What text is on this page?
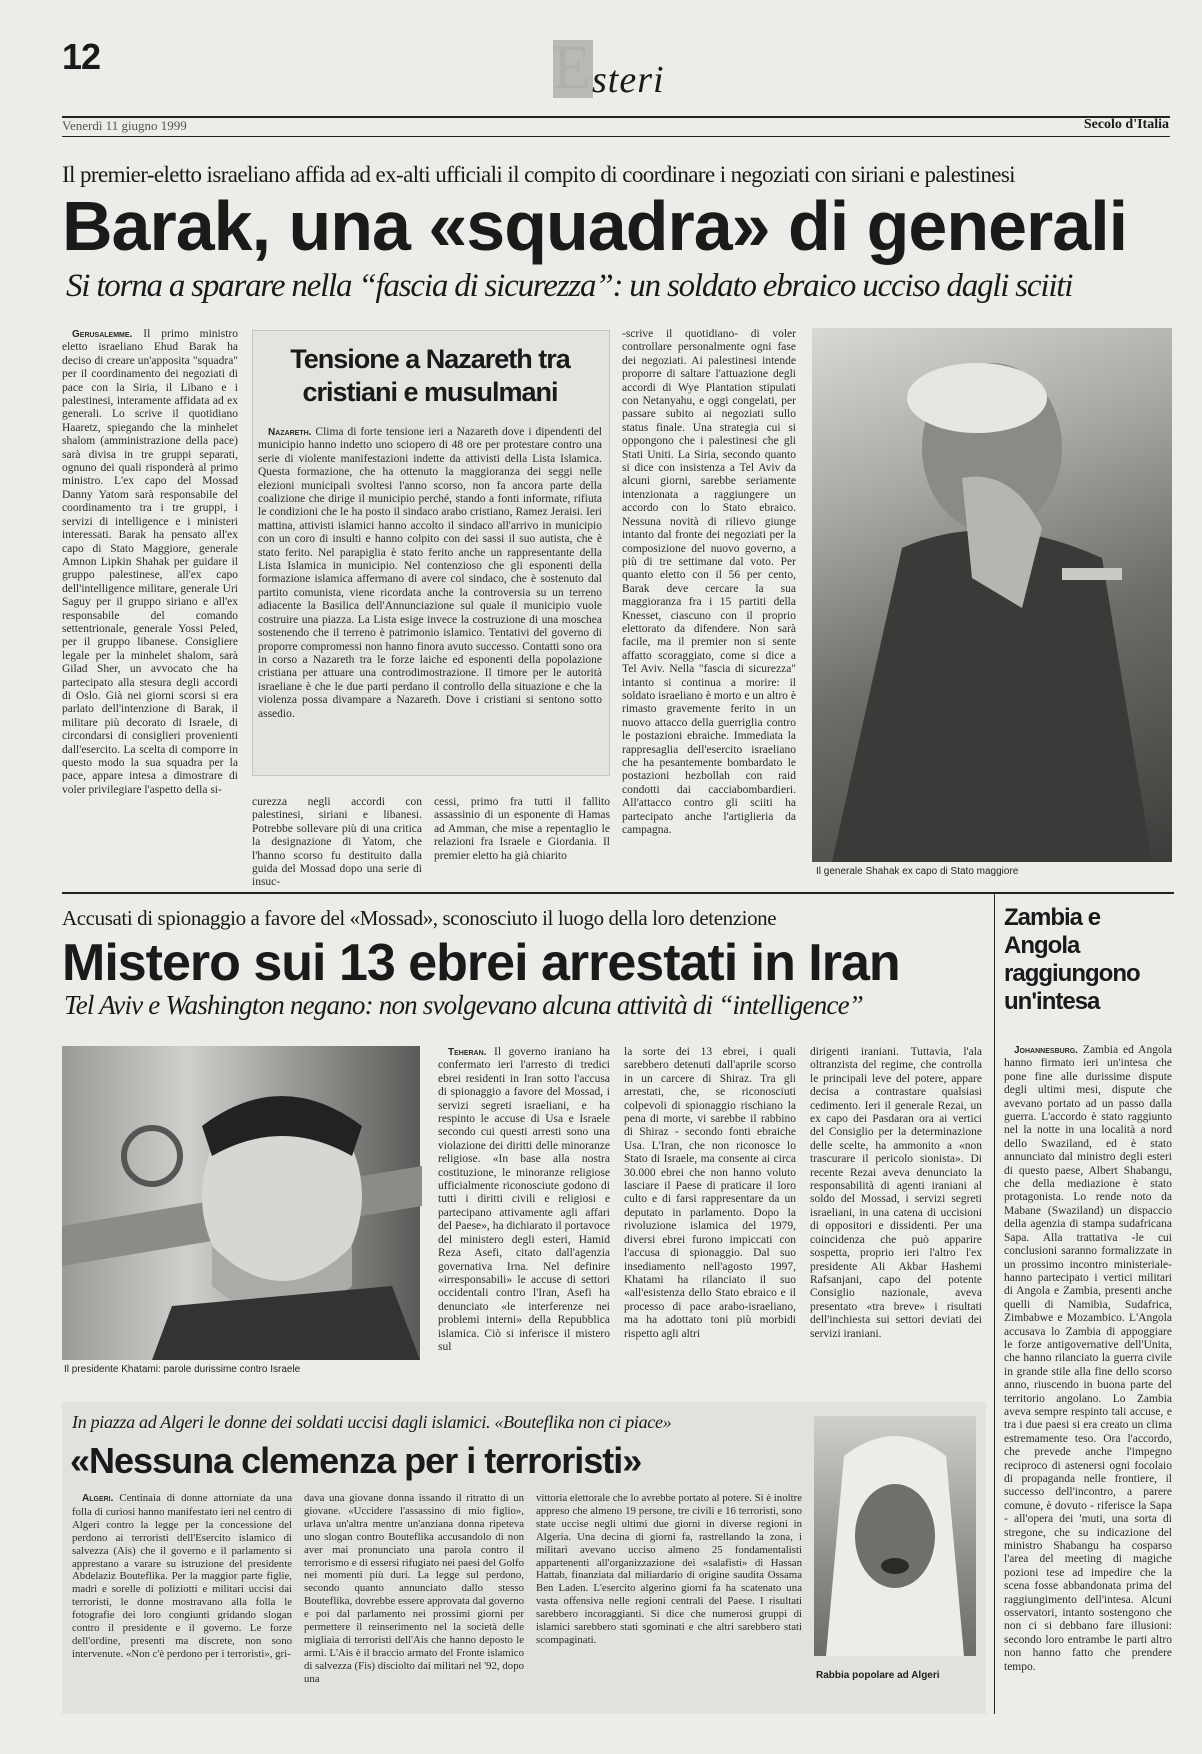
12	E steri
Venerdì 11 giugno 1999	Secolo d'Italia
Il premier-eletto israeliano affida ad ex-alti ufficiali il compito di coordinare i negoziati con siriani e palestinesi
Barak, una «squadra» di generali
Si torna a sparare nella “fascia di sicurezza”: un soldato ebraico ucciso dagli sciiti

Gerusalemme. Il primo ministro eletto israeliano Ehud Barak ha deciso di creare un'apposita "squadra" per il coordinamento dei negoziati di pace con la Siria, il Libano e i palestinesi, interamente affidata ad ex generali. Lo scrive il quotidiano Haaretz, spiegando che la minhelet shalom (amministrazione della pace) sarà divisa in tre gruppi separati, ognuno dei quali risponderà al primo ministro. L'ex capo del Mossad Danny Yatom sarà responsabile del coordinamento tra i tre gruppi, i servizi di intelligence e i ministeri interessati. Barak ha pensato all'ex capo di Stato Maggiore, generale Amnon Lipkin Shahak per guidare il gruppo palestinese, all'ex capo dell'intelligence militare, generale Uri Saguy per il gruppo siriano e all'ex responsabile del comando settentrionale, generale Yossi Peled, per il gruppo libanese. Consigliere legale per la minhelet shalom, sarà Gilad Sher, un avvocato che ha partecipato alla stesura degli accordi di Oslo. Già nei giorni scorsi si era parlato dell'intenzione di Barak, il militare più decorato di Israele, di circondarsi di consiglieri provenienti dall'esercito. La scelta di comporre in questo modo la sua squadra per la pace, appare intesa a dimostrare di voler privilegiare l'aspetto della si-

Tensione a Nazareth tra cristiani e musulmani

Nazareth. Clima di forte tensione ieri a Nazareth dove i dipendenti del municipio hanno indetto uno sciopero di 48 ore per protestare contro una serie di violente manifestazioni indette da attivisti della Lista Islamica. Questa formazione, che ha ottenuto la maggioranza dei seggi nelle elezioni municipali svoltesi l'anno scorso, non fa ancora parte della coalizione che dirige il municipio perché, stando a fonti informate, rifiuta le condizioni che le ha posto il sindaco arabo cristiano, Ramez Jeraisi. Ieri mattina, attivisti islamici hanno accolto il sindaco all'arrivo in municipio con un coro di insulti e hanno colpito con dei sassi il suo autista, che è stato ferito. Nel parapiglia è stato ferito anche un rappresentante della Lista Islamica in municipio. Nel contenzioso che gli esponenti della formazione islamica affermano di avere col sindaco, che è sostenuto dal partito comunista, viene ricordata anche la controversia su un terreno adiacente la Basilica dell'Annunciazione sul quale il municipio vuole costruire una piazza. La Lista esige invece la costruzione di una moschea sostenendo che il terreno è patrimonio islamico. Tentativi del governo di proporre compromessi non hanno finora avuto successo. Contatti sono ora in corso a Nazareth tra le forze laiche ed esponenti della popolazione cristiana per attuare una controdimostrazione. Il timore per le autorità israeliane è che le due parti perdano il controllo della situazione e che la violenza possa divampare a Nazareth. Dove i cristiani si sentono sotto assedio.

curezza negli accordi con palestinesi, siriani e libanesi. Potrebbe sollevare più di una critica la designazione di Yatom, che l'hanno scorso fu destituito dalla guida del Mossad dopo una serie di insuc-
cessi, primo fra tutti il fallito assassinio di un esponente di Hamas ad Amman, che mise a repentaglio le relazioni fra Israele e Giordania. Il premier eletto ha già chiarito
-scrive il quotidiano- di voler controllare personalmente ogni fase dei negoziati. Ai palestinesi intende proporre di saltare l'attuazione degli accordi di Wye Plantation stipulati con Netanyahu, e oggi congelati, per passare subito ai negoziati sullo status finale. Una strategia cui si oppongono che i palestinesi che gli Stati Uniti. La Siria, secondo quanto si dice con insistenza a Tel Aviv da alcuni giorni, sarebbe seriamente intenzionata a raggiungere un accordo con lo Stato ebraico. Nessuna novità di rilievo giunge intanto dal fronte dei negoziati per la composizione del nuovo governo, a più di tre settimane dal voto. Per quanto eletto con il 56 per cento, Barak deve cercare la sua maggioranza fra i 15 partiti della Knesset, ciascuno con il proprio elettorato da difendere. Non sarà facile, ma il premier non si sente affatto scoraggiato, come si dice a Tel Aviv. Nella "fascia di sicurezza" intanto si continua a morire: il soldato israeliano è morto e un altro è rimasto gravemente ferito in un nuovo attacco della guerriglia contro le postazioni ebraiche. Immediata la rappresaglia dell'esercito israeliano che ha pesantemente bombardato le postazioni hezbollah con raid condotti dai cacciabombardieri. All'attacco contro gli sciiti ha partecipato anche l'artiglieria da campagna.
Il generale Shahak ex capo di Stato maggiore
Accusati di spionaggio a favore del «Mossad», sconosciuto il luogo della loro detenzione
Mistero sui 13 ebrei arrestati in Iran
Tel Aviv e Washington negano: non svolgevano alcuna attività di “intelligence”
Il presidente Khatami: parole durissime contro Israele

Teheran. Il governo iraniano ha confermato ieri l'arresto di tredici ebrei residenti in Iran sotto l'accusa di spionaggio a favore del Mossad, i servizi segreti israeliani, e ha respinto le accuse di Usa e Israele secondo cui questi arresti sono una violazione dei diritti delle minoranze religiose. «In base alla nostra costituzione, le minoranze religiose ufficialmente riconosciute godono di tutti i diritti civili e religiosi e partecipano attivamente agli affari del Paese», ha dichiarato il portavoce del ministero degli esteri, Hamid Reza Asefi, citato dall'agenzia governativa Irna. Nel definire «irresponsabili» le accuse di settori occidentali contro l'Iran, Asefi ha denunciato «le interferenze nei problemi interni» della Repubblica islamica. Ciò si inferisce il mistero sul

la sorte dei 13 ebrei, i quali sarebbero detenuti dall'aprile scorso in un carcere di Shiraz. Tra gli arrestati, che, se riconosciuti colpevoli di spionaggio rischiano la pena di morte, vi sarebbe il rabbino di Shiraz - secondo fonti ebraiche Usa. L'Iran, che non riconosce lo Stato di Israele, ma consente ai circa 30.000 ebrei che non hanno voluto lasciare il Paese di praticare il loro culto e di farsi rappresentare da un deputato in parlamento. Dopo la rivoluzione islamica del 1979, diversi ebrei furono impiccati con l'accusa di spionaggio. Dal suo insediamento nell'agosto 1997, Khatami ha rilanciato il suo «all'esistenza dello Stato ebraico e il processo di pace arabo-israeliano, ma ha adottato toni più morbidi rispetto agli altri
dirigenti iraniani. Tuttavia, l'ala oltranzista del regime, che controlla le principali leve del potere, appare decisa a contrastare qualsiasi cedimento. Ieri il generale Rezai, un ex capo dei Pasdaran ora ai vertici del Consiglio per la determinazione delle scelte, ha ammonito a «non trascurare il pericolo sionista». Di recente Rezai aveva denunciato la responsabilità di agenti iraniani al soldo del Mossad, i servizi segreti israeliani, in una catena di uccisioni di oppositori e dissidenti. Per una coincidenza che può apparire sospetta, proprio ieri l'altro l'ex presidente Ali Akbar Hashemi Rafsanjani, capo del potente Consiglio nazionale, aveva presentato «tra breve» i risultati dell'inchiesta sui settori deviati dei servizi iraniani.
Zambia e Angola raggiungono un'intesa

Johannesburg. Zambia ed Angola hanno firmato ieri un'intesa che pone fine alle durissime dispute degli ultimi mesi, dispute che avevano portato ad un passo dalla guerra. L'accordo è stato raggiunto nel la notte in una località a nord dello Swaziland, ed è stato annunciato dal ministro degli esteri di questo paese, Albert Shabangu, che della mediazione è stato protagonista. Lo rende noto da Mabane (Swaziland) un dispaccio della agenzia di stampa sudafricana Sapa. Alla trattativa -le cui conclusioni saranno formalizzate in un prossimo incontro ministeriale- hanno partecipato i vertici militari di Angola e Zambia, presenti anche quelli di Namibia, Sudafrica, Zimbabwe e Mozambico. L'Angola accusava lo Zambia di appoggiare le forze antigovernative dell'Unita, che hanno rilanciato la guerra civile in grande stile alla fine dello scorso anno, riuscendo in buona parte del territorio angolano. Lo Zambia aveva sempre respinto tali accuse, e tra i due paesi si era creato un clima estremamente teso. Ora l'accordo, che prevede anche l'impegno reciproco di astenersi ogni focolaio di propaganda nelle frontiere, il successo dell'incontro, a parere comune, è dovuto - riferisce la Sapa - all'opera dei 'muti, una sorta di stregone, che su indicazione del ministro Shabangu ha cosparso l'area del meeting di magiche pozioni tese ad impedire che la scena fosse abbandonata prima del raggiungimento dell'intesa. Alcuni osservatori, intanto sostengono che non ci si debbano fare illusioni: secondo loro entrambe le parti altro non hanno fatto che prendere tempo.

In piazza ad Algeri le donne dei soldati uccisi dagli islamici. «Bouteflika non ci piace»
«Nessuna clemenza per i terroristi»

Algeri. Centinaia di donne attorniate da una folla di curiosi hanno manifestato ieri nel centro di Algeri contro la legge per la concessione del perdono ai terroristi dell'Esercito islamico di salvezza (Ais) che il governo e il parlamento si apprestano a varare su istruzione del presidente Abdelaziz Bouteflika. Per la maggior parte figlie, madri e sorelle di poliziotti e militari uccisi dai terroristi, le donne mostravano alla folla le fotografie dei loro congiunti gridando slogan contro il presidente e il governo. Le forze dell'ordine, presenti ma discrete, non sono intervenute. «Non c'è perdono per i terroristi», gri-

dava una giovane donna issando il ritratto di un giovane. «Uccidere l'assassino di mio figlio», urlava un'altra mentre un'anziana donna ripeteva uno slogan contro Bouteflika accusandolo di non aver mai pronunciato una parola contro il terrorismo e di essersi rifugiato nei paesi del Golfo nei momenti più duri. La legge sul perdono, secondo quanto annunciato dallo stesso Bouteflika, dovrebbe essere approvata dal governo e poi dal parlamento nei prossimi giorni per permettere il reinserimento nel la società delle migliaia di terroristi dell'Ais che hanno deposto le armi. L'Ais è il braccio armato del Fronte islamico di salvezza (Fis) disciolto dai militari nel '92, dopo una
vittoria elettorale che lo avrebbe portato al potere. Si è inoltre appreso che almeno 19 persone, tre civili e 16 terroristi, sono state uccise negli ultimi due giorni in diverse regioni in Algeria. Una decina di giorni fa, rastrellando la zona, i militari avevano ucciso almeno 25 fondamentalisti appartenenti all'organizzazione dei «salafisti» di Hassan Hattab, finanziata dal miliardario di origine saudita Ossama Ben Laden. L'esercito algerino giorni fa ha scatenato una vasta offensiva nelle regioni centrali del Paese. I risultati sarebbero incoraggianti. Si dice che numerosi gruppi di islamici sarebbero stati sgominati e che altri sarebbero stati scompaginati.
Rabbia popolare ad Algeri
